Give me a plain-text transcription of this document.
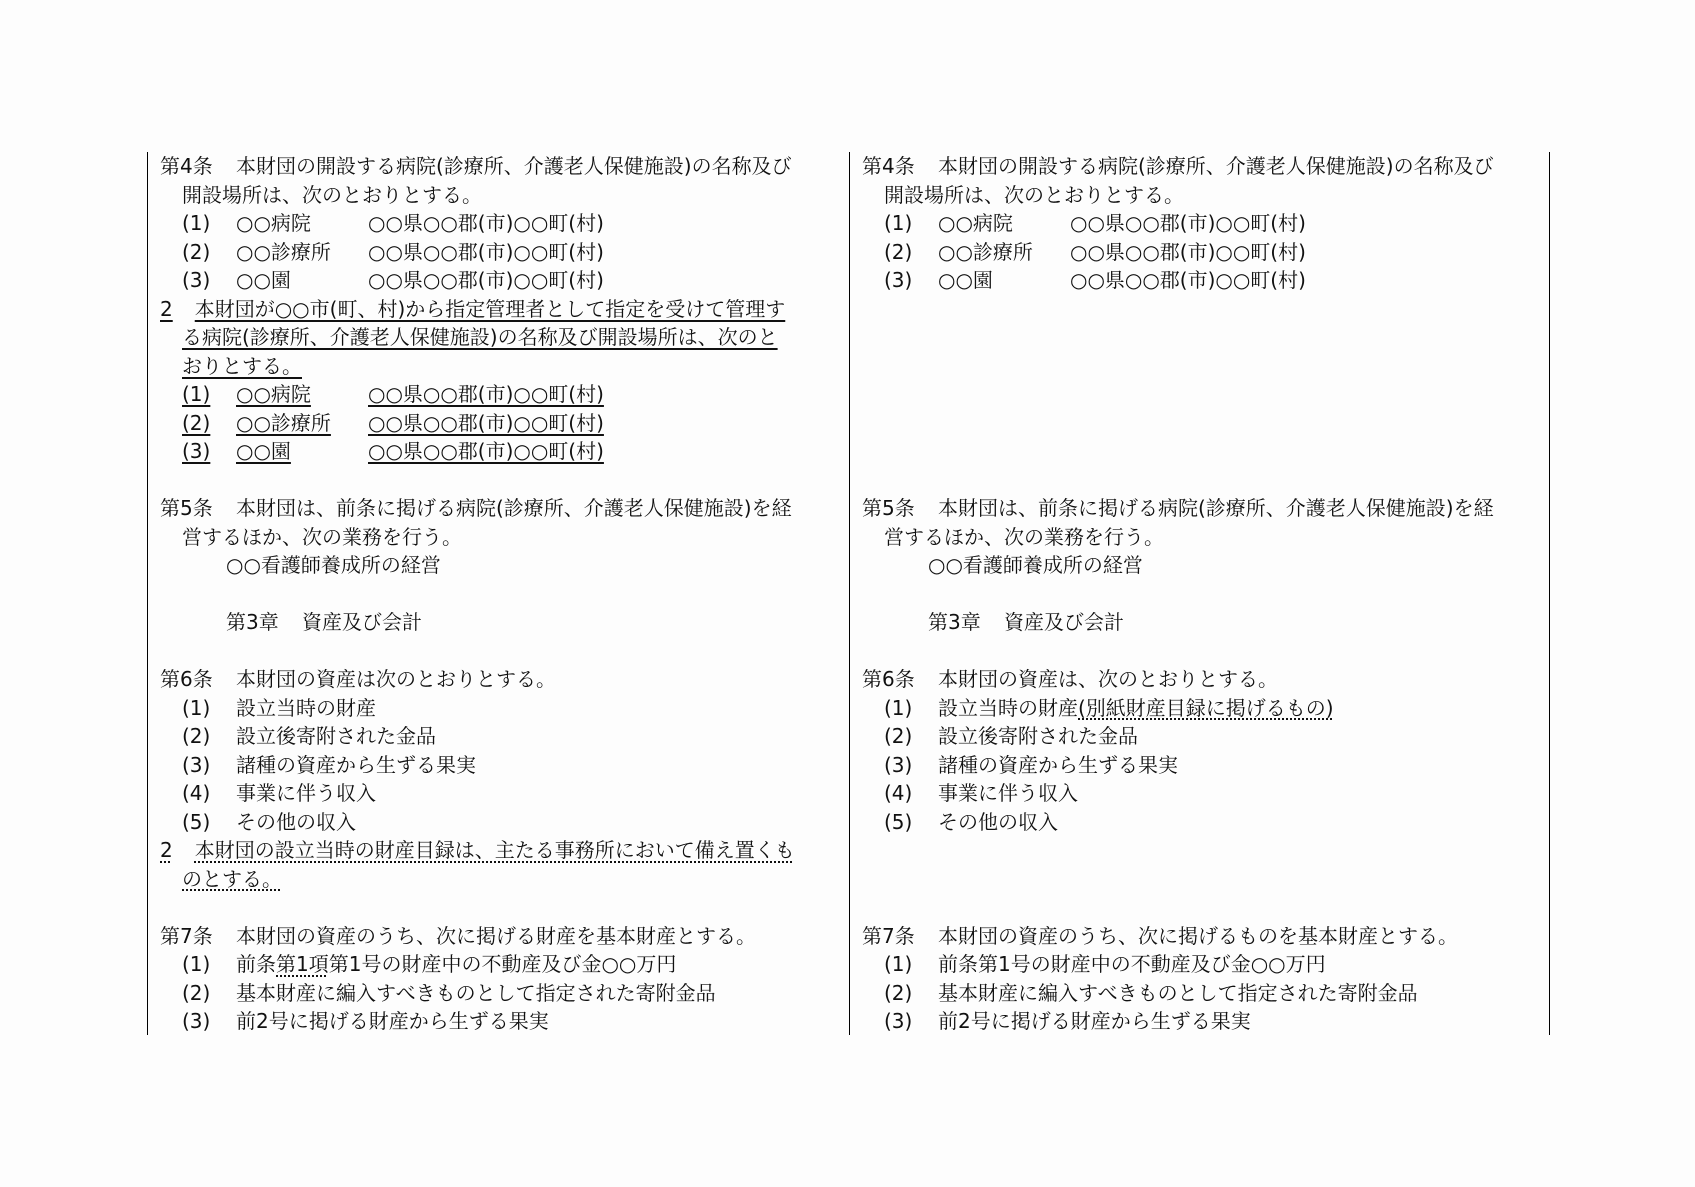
第4条 本財団の開設する病院(診療所、介護老人保健施設)の名称及び
開設場所は、次のとおりとする。
(1) ○○病院	○○県○○郡(市)○○町(村)
(2) ○○診療所 ○○県○○郡(市)○○町(村)
(3) ○○園	○○県○○郡(市)○○町(村)
2 本財団が○○市(町、村)から指定管理者として指定を受けて管理す
る病院(診療所、介護老人保健施設)の名称及び開設場所は、次のと
おりとする。
(1) ○○病院	○○県○○郡(市)○○町(村)
(2) ○○診療所 ○○県○○郡(市)○○町(村)
(3) ○○園	○○県○○郡(市)○○町(村)
第5条 本財団は、前条に掲げる病院(診療所、介護老人保健施設)を経
営するほか、次の業務を行う。
○○看護師養成所の経営
第3章 資産及び会計
第6条 本財団の資産は次のとおりとする。
(1) 設立当時の財産
(2) 設立後寄附された金品
(3) 諸種の資産から生ずる果実
(4) 事業に伴う収入
(5) その他の収入
2 本財団の設立当時の財産目録は、主たる事務所において備え置くも
のとする。
第7条 本財団の資産のうち、次に掲げる財産を基本財産とする。
(1) 前条第1項第1号の財産中の不動産及び金○○万円
(2) 基本財産に編入すべきものとして指定された寄附金品
(3) 前2号に掲げる財産から生ずる果実
第4条 本財団の開設する病院(診療所、介護老人保健施設)の名称及び
開設場所は、次のとおりとする。
(1) ○○病院	○○県○○郡(市)○○町(村)
(2) ○○診療所 ○○県○○郡(市)○○町(村)
(3) ○○園	○○県○○郡(市)○○町(村)
第5条 本財団は、前条に掲げる病院(診療所、介護老人保健施設)を経
営するほか、次の業務を行う。
○○看護師養成所の経営
第3章 資産及び会計
第6条 本財団の資産は、次のとおりとする。
(1) 設立当時の財産(別紙財産目録に掲げるもの)
(2) 設立後寄附された金品
(3) 諸種の資産から生ずる果実
(4) 事業に伴う収入
(5) その他の収入
第7条 本財団の資産のうち、次に掲げるものを基本財産とする。
(1) 前条第1号の財産中の不動産及び金○○万円
(2) 基本財産に編入すべきものとして指定された寄附金品
(3) 前2号に掲げる財産から生ずる果実
